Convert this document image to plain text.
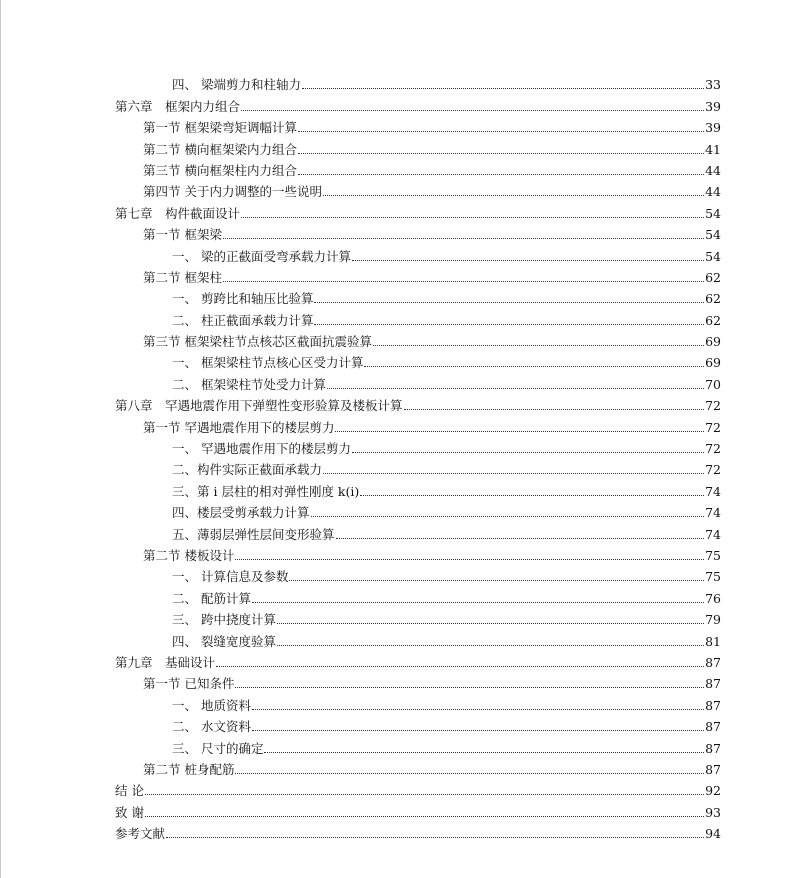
四、 梁端剪力和柱轴力	33
第六章　框架内力组合	39
第一节 框架梁弯矩调幅计算	39
第二节 横向框架梁内力组合	41
第三节 横向框架柱内力组合	44
第四节 关于内力调整的一些说明	44
第七章　构件截面设计	54
第一节 框架梁	54
一、 梁的正截面受弯承载力计算	54
第二节 框架柱	62
一、 剪跨比和轴压比验算	62
二、 柱正截面承载力计算	62
第三节 框架梁柱节点核芯区截面抗震验算	69
一、 框架梁柱节点核心区受力计算	69
二、 框架梁柱节处受力计算	70
第八章　罕遇地震作用下弹塑性变形验算及楼板计算	72
第一节 罕遇地震作用下的楼层剪力	72
一、 罕遇地震作用下的楼层剪力	72
二、构件实际正截面承载力	72
三、第 i 层柱的相对弹性刚度 k(i)	74
四、楼层受剪承载力计算	74
五、薄弱层弹性层间变形验算	74
第二节 楼板设计	75
一、 计算信息及参数	75
二、 配筋计算	76
三、 跨中挠度计算	79
四、 裂缝宽度验算	81
第九章　基础设计	87
第一节 已知条件	87
一、 地质资料	87
二、 水文资料	87
三、 尺寸的确定	87
第二节 桩身配筋	87
结 论	92
致 谢	93
参考文献	94
